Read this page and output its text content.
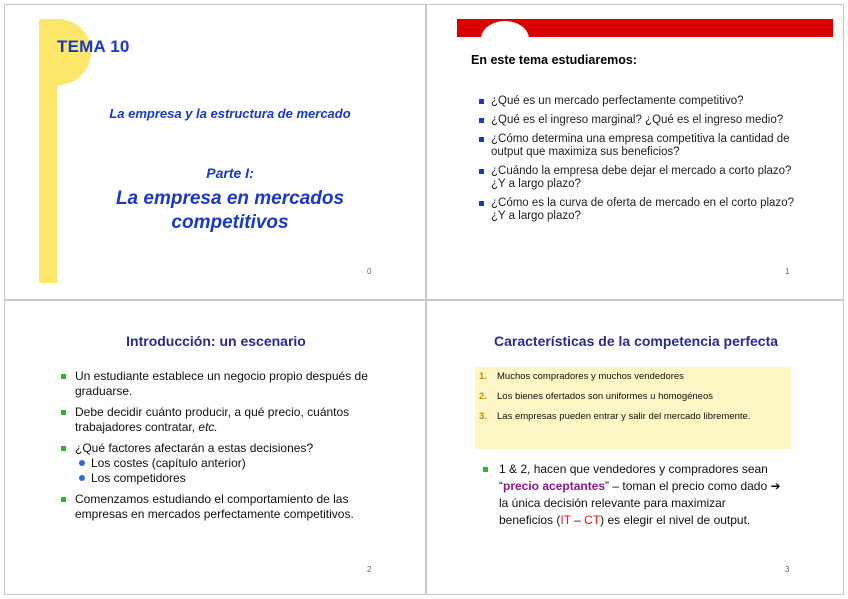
TEMA 10
La empresa y la estructura de mercado
Parte I:
La empresa en mercados competitivos
0
En este tema estudiaremos:
¿Qué es un mercado perfectamente competitivo?
¿Qué es el ingreso marginal? ¿Qué es el ingreso medio?
¿Cómo determina una empresa competitiva la cantidad de output que maximiza sus beneficios?
¿Cuándo la empresa debe dejar el mercado a corto plazo? ¿Y a largo plazo?
¿Cómo es la curva de oferta de mercado en el corto plazo? ¿Y a largo plazo?
1
Introducción: un escenario
Un estudiante establece un negocio propio después de graduarse.
Debe decidir cuánto producir, a qué precio, cuántos trabajadores contratar, etc.
¿Qué factores afectarán a estas decisiones?
Los costes (capítulo anterior)
Los competidores
Comenzamos estudiando el comportamiento de las empresas en mercados perfectamente competitivos.
2
Características de la competencia perfecta
1. Muchos compradores y muchos vendedores
2. Los bienes ofertados son uniformes u homogéneos
3. Las empresas pueden entrar y salir del mercado libremente.
1 & 2, hacen que vendedores y compradores sean “precio aceptantes” – toman el precio como dado ➔ la única decisión relevante para maximizar beneficios (IT – CT) es elegir el nivel de output.
3
